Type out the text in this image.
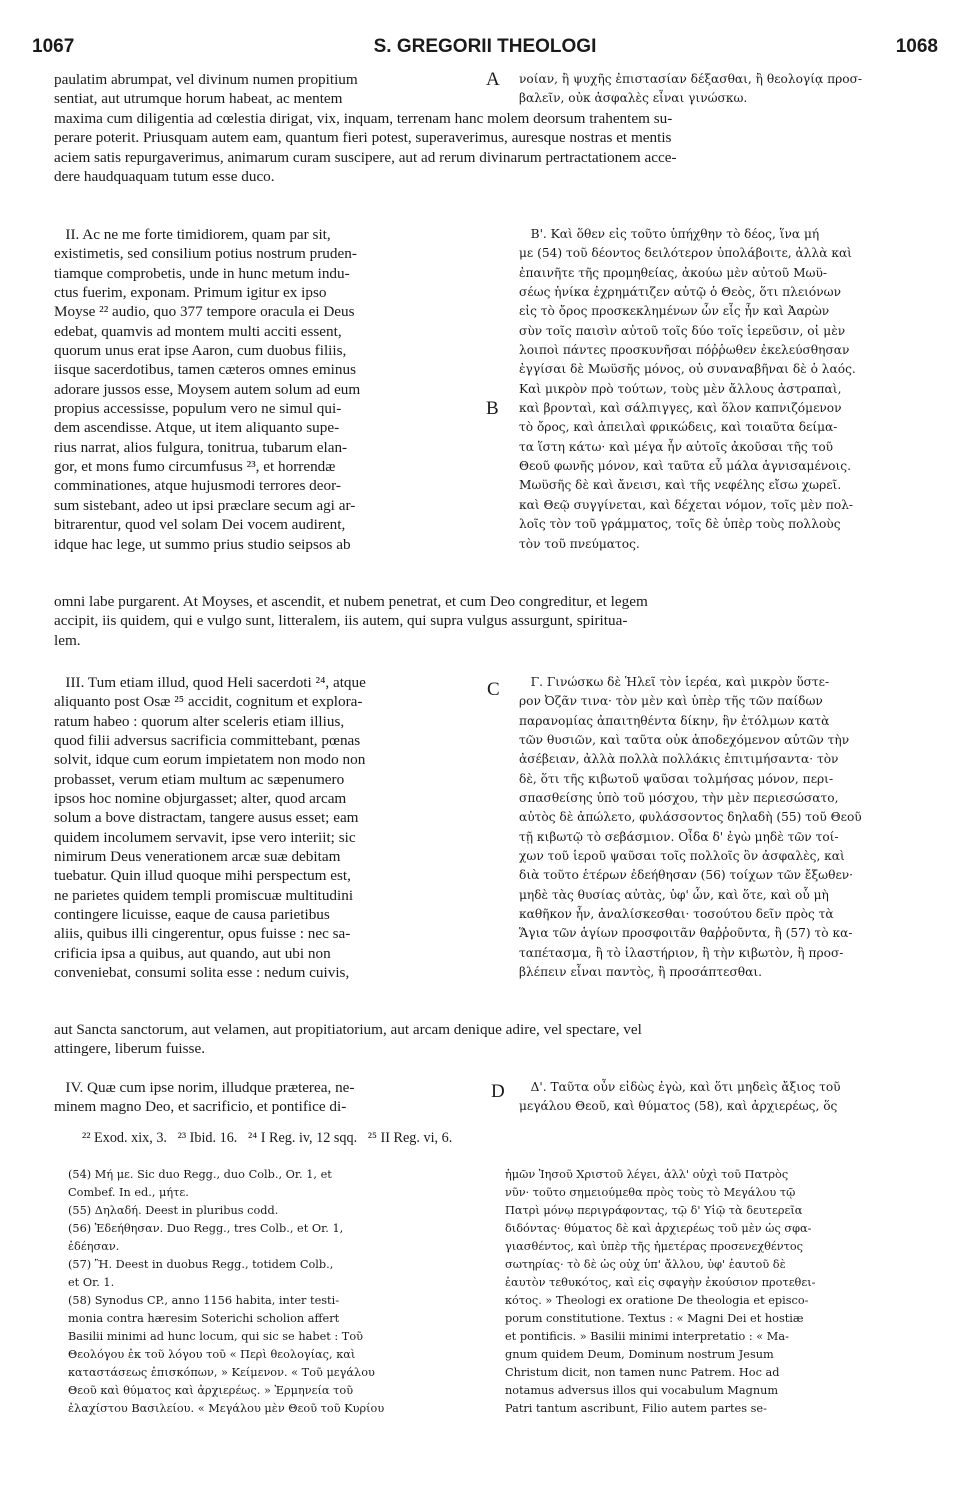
1067	S. GREGORII THEOLOGI	1068
paulatim abrumpat, vel divinum numen propitium
sentiat, aut utrumque horum habeat, ac mentem
A νοίαν, ἢ ψυχῆς ἐπιστασίαν δέξασθαι, ἢ θεολογίᾳ προσ-
βαλεῖν, οὐκ ἀσφαλὲς εἶναι γινώσκω.
maxima cum diligentia ad cœlestia dirigat, vix, inquam, terrenam hanc molem deorsum trahentem su-
perare poterit. Priusquam autem eam, quantum fieri potest, superaverimus, auresque nostras et mentis
aciem satis repurgaverimus, animarum curam suscipere, aut ad rerum divinarum pertractationem acce-
dere haudquaquam tutum esse duco.
II. Ac ne me forte timidiorem, quam par sit,
existimetis, sed consilium potius nostrum pruden-
tiamque comprobetis, unde in hunc metum indu-
ctus fuerim, exponam. Primum igitur ex ipso
Moyse ²² audio, quo 377 tempore oracula ei Deus
edebat, quamvis ad montem multi acciti essent,
quorum unus erat ipse Aaron, cum duobus filiis,
iisque sacerdotibus, tamen cæteros omnes eminus
adorare jussos esse, Moysem autem solum ad eum
propius accessisse, populum vero ne simul qui-
dem ascendisse. Atque, ut item aliquanto supe-
rius narrat, alios fulgura, tonitrua, tubarum elan-
gor, et mons fumo circumfusus ²³, et horrendæ
comminationes, atque hujusmodi terrores deor-
sum sistebant, adeo ut ipsi præclare secum agi ar-
bitrarentur, quod vel solam Dei vocem audirent,
idque hac lege, ut summo prius studio seipsos ab
B
Β'. Καὶ ὅθεν εἰς τοῦτο ὑπήχθην τὸ δέος, ἵνα μή
με (54) τοῦ δέοντος δειλότερον ὑπολάβοιτε, ἀλλὰ καὶ
ἐπαινῆτε τῆς προμηθείας, ἀκούω μὲν αὐτοῦ Μωϋ-
σέως ἡνίκα ἐχρημάτιζεν αὐτῷ ὁ Θεὸς, ὅτι πλειόνων
εἰς τὸ ὄρος προσκεκλημένων ὧν εἷς ἦν καὶ Ἀαρὼν
σὺν τοῖς παισὶν αὐτοῦ τοῖς δύο τοῖς ἱερεῦσιν, οἱ μὲν
λοιποὶ πάντες προσκυνῆσαι πόῤῥωθεν ἐκελεύσθησαν
ἐγγίσαι δὲ Μωϋσῆς μόνος, οὐ συναναβῆναι δὲ ὁ λαός.
Καὶ μικρὸν πρὸ τούτων, τοὺς μὲν ἄλλους ἀστραπαὶ,
καὶ βρονταὶ, καὶ σάλπιγγες, καὶ ὅλον καπνιζόμενον
τὸ ὄρος, καὶ ἀπειλαὶ φρικώδεις, καὶ τοιαῦτα δείμα-
τα ἵστη κάτω· καὶ μέγα ἦν αὐτοῖς ἀκοῦσαι τῆς τοῦ
Θεοῦ φωνῆς μόνον, καὶ ταῦτα εὖ μάλα ἁγνισαμένοις.
Μωϋσῆς δὲ καὶ ἄνεισι, καὶ τῆς νεφέλης εἴσω χωρεῖ.
καὶ Θεῷ συγγίνεται, καὶ δέχεται νόμον, τοῖς μὲν πολ-
λοῖς τὸν τοῦ γράμματος, τοῖς δὲ ὑπὲρ τοὺς πολλοὺς
τὸν τοῦ πνεύματος.
omni labe purgarent. At Moyses, et ascendit, et nubem penetrat, et cum Deo congreditur, et legem
accipit, iis quidem, qui e vulgo sunt, litteralem, iis autem, qui supra vulgus assurgunt, spiritua-
lem.
III. Tum etiam illud, quod Heli sacerdoti ²⁴, atque
aliquanto post Osæ ²⁵ accidit, cognitum et explora-
ratum habeo : quorum alter sceleris etiam illius,
quod filii adversus sacrificia committebant, pœnas
solvit, idque cum eorum impietatem non modo non
probasset, verum etiam multum ac sæpenumero
ipsos hoc nomine objurgasset; alter, quod arcam
solum a bove distractam, tangere ausus esset; eam
quidem incolumem servavit, ipse vero interiit; sic
nimirum Deus venerationem arcæ suæ debitam
tuebatur. Quin illud quoque mihi perspectum est,
ne parietes quidem templi promiscuæ multitudini
contingere licuisse, eaque de causa parietibus
aliis, quibus illi cingerentur, opus fuisse : nec sa-
crificia ipsa a quibus, aut quando, aut ubi non
conveniebat, consumi solita esse : nedum cuivis,
C	Γ. Γινώσκω δὲ Ἡλεῖ τὸν ἱερέα, καὶ μικρὸν ὕστε-
ρον Ὀζᾶν τινα· τὸν μὲν καὶ ὑπὲρ τῆς τῶν παίδων
παρανομίας ἀπαιτηθέντα δίκην, ἣν ἐτόλμων κατὰ
τῶν θυσιῶν, καὶ ταῦτα οὐκ ἀποδεχόμενον αὐτῶν τὴν
ἀσέβειαν, ἀλλὰ πολλὰ πολλάκις ἐπιτιμήσαντα· τὸν
δὲ, ὅτι τῆς κιβωτοῦ ψαῦσαι τολμήσας μόνον, περι-
σπασθείσης ὑπὸ τοῦ μόσχου, τὴν μὲν περιεσώσατο,
αὐτὸς δὲ ἀπώλετο, φυλάσσοντος δηλαδὴ (55) τοῦ Θεοῦ
τῇ κιβωτῷ τὸ σεβάσμιον. Οἶδα δ' ἐγὼ μηδὲ τῶν τοί-
χων τοῦ ἱεροῦ ψαῦσαι τοῖς πολλοῖς ὂν ἀσφαλὲς, καὶ
διὰ τοῦτο ἑτέρων ἐδεήθησαν (56) τοίχων τῶν ἔξωθεν·
μηδὲ τὰς θυσίας αὐτὰς, ὑφ' ὧν, καὶ ὅτε, καὶ οὗ μὴ
καθῆκον ἦν, ἀναλίσκεσθαι· τοσούτου δεῖν πρὸς τὰ
Ἅγια τῶν ἁγίων προσφοιτᾶν θαῤῥοῦντα, ἢ (57) τὸ κα-
ταπέτασμα, ἢ τὸ ἱλαστήριον, ἢ τὴν κιβωτὸν, ἢ προσ-
βλέπειν εἶναι παντὸς, ἢ προσάπτεσθαι.
aut Sancta sanctorum, aut velamen, aut propitiatorium, aut arcam denique adire, vel spectare, vel
attingere, liberum fuisse.
IV. Quæ cum ipse norim, illudque præterea, ne-
minem magno Deo, et sacrificio, et pontifice di-
D	Δ'. Ταῦτα οὖν εἰδὼς ἐγὼ, καὶ ὅτι μηδεὶς ἄξιος τοῦ
μεγάλου Θεοῦ, καὶ θύματος (58), καὶ ἀρχιερέως, ὅς
²² Exod. xix, 3.   ²³ Ibid. 16.   ²⁴ I Reg. iv, 12 sqq.   ²⁵ II Reg. vi, 6.
(54) Μή με. Sic duo Regg., duo Colb., Or. 1, et
Combef. In ed., μήτε.
(55) Δηλαδή. Deest in pluribus codd.
(56) Ἐδεήθησαν. Duo Regg., tres Colb., et Or. 1,
ἐδέησαν.
(57) Ἢ. Deest in duobus Regg., totidem Colb.,
et Or. 1.
(58) Synodus CP., anno 1156 habita, inter testi-
monia contra hæresim Soterichi scholion affert
Basilii minimi ad hunc locum, qui sic se habet : Τοῦ
Θεολόγου ἐκ τοῦ λόγου τοῦ « Περὶ θεολογίας, καὶ
καταστάσεως ἐπισκόπων, » Κείμενον. « Τοῦ μεγάλου
Θεοῦ καὶ θύματος καὶ ἀρχιερέως. » Ἑρμηνεία τοῦ
ἐλαχίστου Βασιλείου. « Μεγάλου μὲν Θεοῦ τοῦ Κυρίου
ἡμῶν Ἰησοῦ Χριστοῦ λέγει, ἀλλ' οὐχὶ τοῦ Πατρὸς
νῦν· τοῦτο σημειούμεθα πρὸς τοὺς τὸ Μεγάλου τῷ
Πατρὶ μόνῳ περιγράφοντας, τῷ δ' Υἱῷ τὰ δευτερεῖα
διδόντας· θύματος δὲ καὶ ἀρχιερέως τοῦ μὲν ὡς σφα-
γιασθέντος, καὶ ὑπὲρ τῆς ἡμετέρας προσενεχθέντος
σωτηρίας· τὸ δὲ ὡς οὐχ ὑπ' ἄλλου, ὑφ' ἑαυτοῦ δὲ
ἑαυτὸν τεθυκότος, καὶ εἰς σφαγὴν ἑκούσιον προτεθει-
κότος. » Theologi ex oratione De theologia et episco-
porum constitutione. Textus : « Magni Dei et hostiæ
et pontificis. » Basilii minimi interpretatio : « Ma-
gnum quidem Deum, Dominum nostrum Jesum
Christum dicit, non tamen nunc Patrem. Hoc ad
notamus adversus illos qui vocabulum Magnum
Patri tantum ascribunt, Filio autem partes se-
